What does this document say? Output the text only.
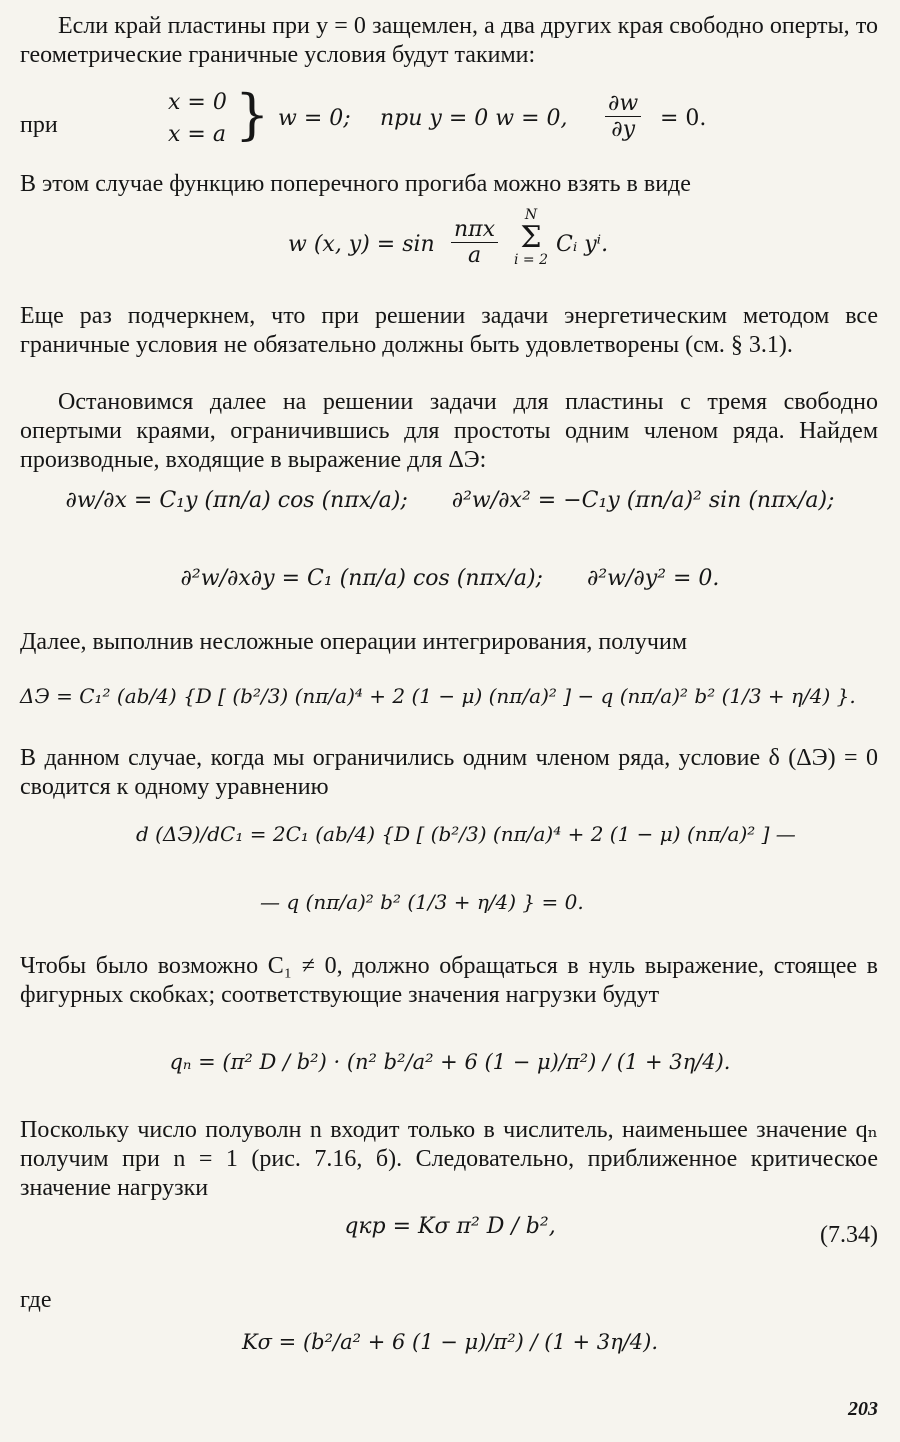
Если край пластины при y = 0 защемлен, а два других края свободно оперты, то геометрические граничные условия будут такими:

при
x = 0
x = a } w = 0; при y = 0 w = 0, $\frac{\partial w}{\partial y} = 0$.

В этом случае функцию поперечного прогиба можно взять в виде

w (x, y) = sin
nπx
a
N
Σ
i = 2
Cᵢ yⁱ.

Еще раз подчеркнем, что при решении задачи энергетическим методом все граничные условия не обязательно должны быть удовлетворены (см. § 3.1).

Остановимся далее на решении задачи для пластины с тремя свободно опертыми краями, ограничившись для простоты одним членом ряда. Найдем производные, входящие в выражение для ΔЭ:

∂w/∂x = C₁y (πn/a) cos (nπx/a); ∂²w/∂x² = −C₁y (πn/a)² sin (nπx/a);
∂²w/∂x∂y = C₁ (nπ/a) cos (nπx/a); ∂²w/∂y² = 0.

Далее, выполнив несложные операции интегрирования, получим

ΔЭ = C₁² (ab/4) {D [ (b²/3) (nπ/a)⁴ + 2 (1 − μ) (nπ/a)² ] − q (nπ/a)² b² (1/3 + η/4) }.

В данном случае, когда мы ограничились одним членом ряда, условие δ (ΔЭ) = 0 сводится к одному уравнению

d (ΔЭ)/dC₁ = 2C₁ (ab/4) {D [ (b²/3) (nπ/a)⁴ + 2 (1 − μ) (nπ/a)² ] —
— q (nπ/a)² b² (1/3 + η/4) } = 0.

Чтобы было возможно C₁ ≠ 0, должно обращаться в нуль выражение, стоящее в фигурных скобках; соответствующие значения нагрузки будут

qₙ = (π² D / b²) · (n² b²/a² + 6 (1 − μ)/π²) / (1 + 3η/4).

Поскольку число полуволн n входит только в числитель, наименьшее значение qₙ получим при n = 1 (рис. 7.16, б). Следовательно, приближенное критическое значение нагрузки

qкр = Kσ π² D / b²,	(7.34)

где

Kσ = (b²/a² + 6 (1 − μ)/π²) / (1 + 3η/4).
203
